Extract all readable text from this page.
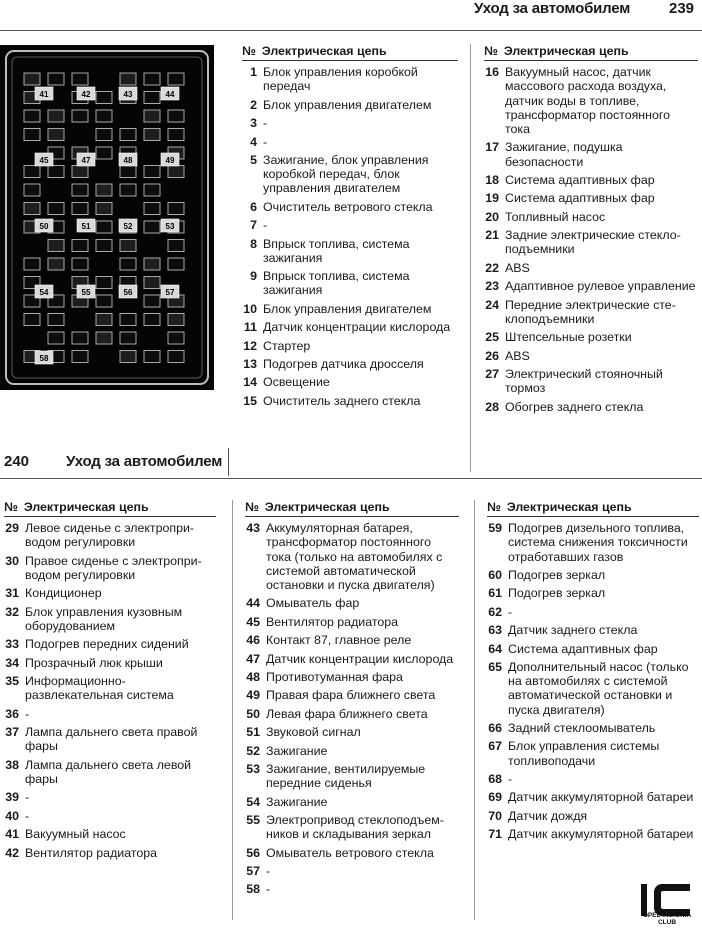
Уход за автомобилем	239
41	42	43	44
45	47	48	49
50	51	52	53
54	55	56	57
58
№ Электрическая цепь
1 Блок управления коробкой передач
2 Блок управления двигателем
3 -
4 -
5 Зажигание, блок управления коробкой передач, блок управления двигателем
6 Очиститель ветрового стекла
7 -
8 Впрыск топлива, система зажигания
9 Впрыск топлива, система зажигания
10 Блок управления двигателем
11 Датчик концентрации кислорода
12 Стартер
13 Подогрев датчика дросселя
14 Освещение
15 Очиститель заднего стекла
№ Электрическая цепь
16 Вакуумный насос, датчик массового расхода воздуха, датчик воды в топливе, трансформатор постоянного тока
17 Зажигание, подушка безопасности
18 Система адаптивных фар
19 Система адаптивных фар
20 Топливный насос
21 Задние электрические стекло-подъемники
22 ABS
23 Адаптивное рулевое управление
24 Передние электрические сте-клоподъемники
25 Штепсельные розетки
26 ABS
27 Электрический стояночный тормоз
28 Обогрев заднего стекла
240 Уход за автомобилем
№ Электрическая цепь
29 Левое сиденье с электропри-водом регулировки
30 Правое сиденье с электропри-водом регулировки
31 Кондиционер
32 Блок управления кузовным оборудованием
33 Подогрев передних сидений
34 Прозрачный люк крыши
35 Информационно-развлекательная система
36 -
37 Лампа дальнего света правой фары
38 Лампа дальнего света левой фары
39 -
40 -
41 Вакуумный насос
42 Вентилятор радиатора
№ Электрическая цепь
43 Аккумуляторная батарея, трансформатор постоянного тока (только на автомобилях с системой автоматической остановки и пуска двигателя)
44 Омыватель фар
45 Вентилятор радиатора
46 Контакт 87, главное реле
47 Датчик концентрации кислорода
48 Противотуманная фара
49 Правая фара ближнего света
50 Левая фара ближнего света
51 Звуковой сигнал
52 Зажигание
53 Зажигание, вентилируемые передние сиденья
54 Зажигание
55 Электропривод стеклоподъем-ников и складывания зеркал
56 Омыватель ветрового стекла
57 -
58 -
№ Электрическая цепь
59 Подогрев дизельного топлива, система снижения токсичности отработавших газов
60 Подогрев зеркал
61 Подогрев зеркал
62 -
63 Датчик заднего стекла
64 Система адаптивных фар
65 Дополнительный насос (только на автомобилях с системой автоматической остановки и пуска двигателя)
66 Задний стеклоомыватель
67 Блок управления системы топливоподачи
68 -
69 Датчик аккумуляторной батареи
70 Датчик дождя
71 Датчик аккумуляторной батареи
OPEL INSIGNIA
CLUB
